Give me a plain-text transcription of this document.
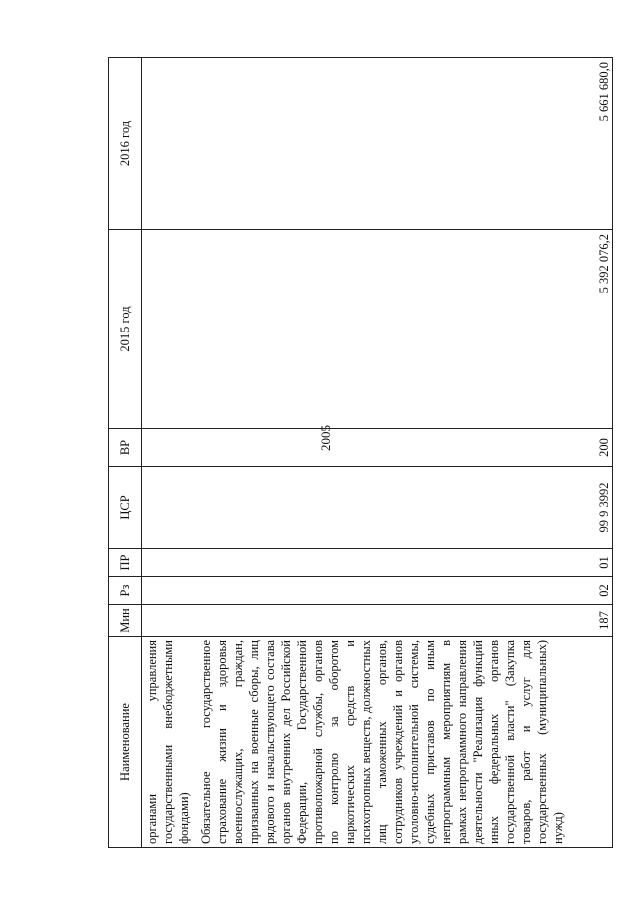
2005
Наименование	Мин	Рз	ПР	ЦСР	ВР	2015 год	2016 год
органами управления государственными внебюджетными фондами)							
Обязательное государственное страхование жизни и здоровья военнослужащих, граждан, призванных на военные сборы, лиц рядового и начальствующего состава органов внутренних дел Российской Федерации, Государственной противопожарной службы, органов по контролю за оборотом наркотических средств и психотропных веществ, должностных лиц таможенных органов, сотрудников учреждений и органов уголовно-исполнительной системы, судебных приставов по иным непрограммным мероприятиям в рамках непрограммного направления деятельности "Реализация функций иных федеральных органов государственной власти" (Закупка товаров, работ и услуг для государственных (муниципальных) нужд)	187	02	01	99 9 3992	200	5 392 076,2	5 661 680,0
